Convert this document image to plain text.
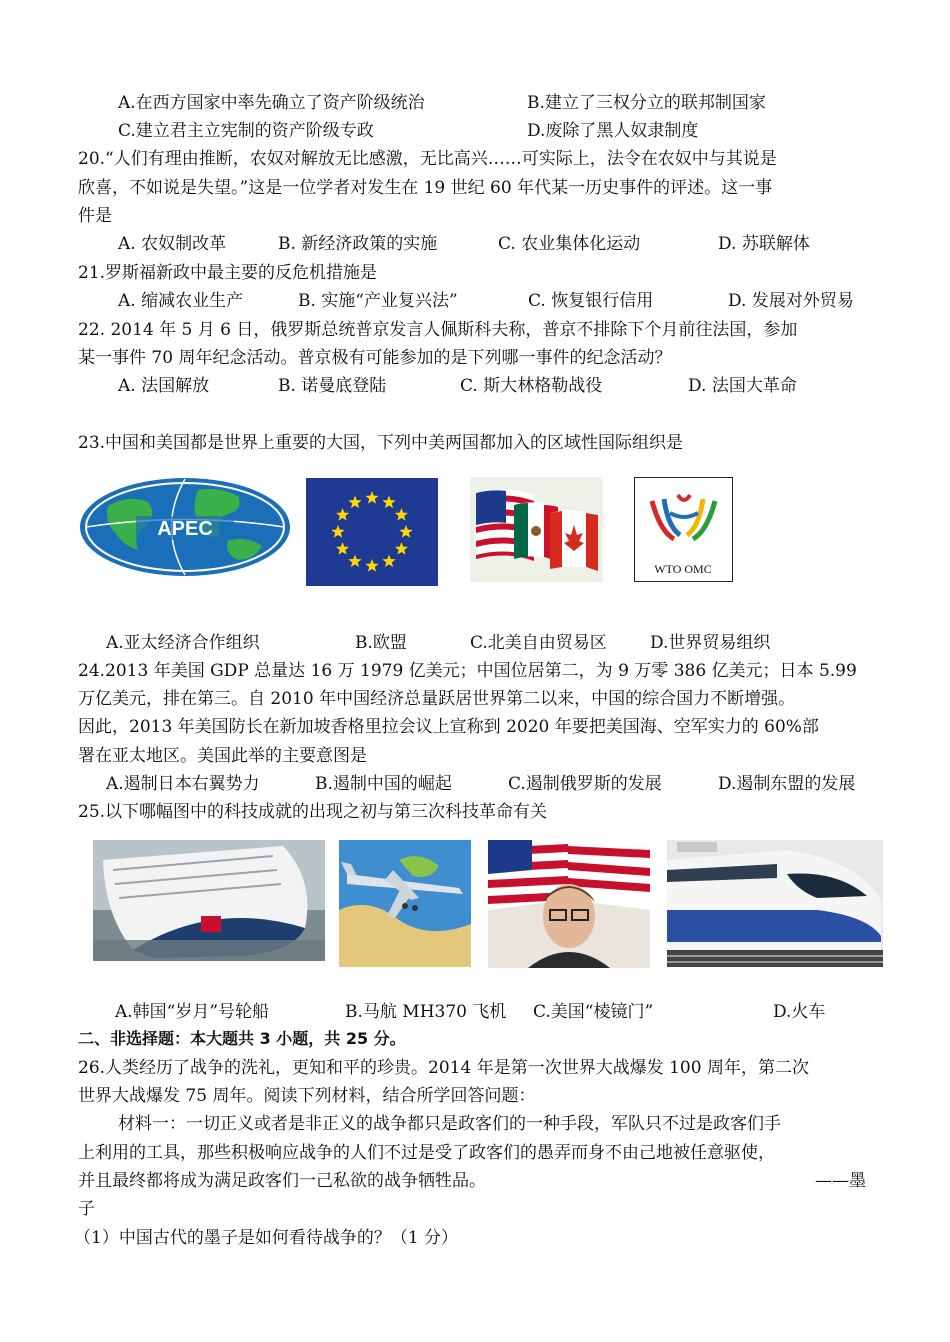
A.在西方国家中率先确立了资产阶级统治	B.建立了三权分立的联邦制国家
C.建立君主立宪制的资产阶级专政	D.废除了黑人奴隶制度
20.“人们有理由推断，农奴对解放无比感激，无比高兴……可实际上，法令在农奴中与其说是
欣喜，不如说是失望。”这是一位学者对发生在 19 世纪 60 年代某一历史事件的评述。这一事
件是
A. 农奴制改革	B. 新经济政策的实施	C. 农业集体化运动	D. 苏联解体
21.罗斯福新政中最主要的反危机措施是
A. 缩减农业生产	B. 实施“产业复兴法”	C. 恢复银行信用	D. 发展对外贸易
22. 2014 年 5 月 6 日，俄罗斯总统普京发言人佩斯科夫称，普京不排除下个月前往法国，参加
某一事件 70 周年纪念活动。普京极有可能参加的是下列哪一事件的纪念活动？
A. 法国解放	B. 诺曼底登陆	C. 斯大林格勒战役	D. 法国大革命
23.中国和美国都是世界上重要的大国，下列中美两国都加入的区域性国际组织是
APEC
WTO OMC
A.亚太经济合作组织	B.欧盟	C.北美自由贸易区	D.世界贸易组织
24.2013 年美国 GDP 总量达 16 万 1979 亿美元；中国位居第二，为 9 万零 386 亿美元；日本 5.99
万亿美元，排在第三。自 2010 年中国经济总量跃居世界第二以来，中国的综合国力不断增强。
因此，2013 年美国防长在新加坡香格里拉会议上宣称到 2020 年要把美国海、空军实力的 60%部
署在亚太地区。美国此举的主要意图是
A.遏制日本右翼势力	B.遏制中国的崛起	C.遏制俄罗斯的发展	D.遏制东盟的发展
25.以下哪幅图中的科技成就的出现之初与第三次科技革命有关
A.韩国“岁月”号轮船	B.马航 MH370 飞机 C.美国“棱镜门”	D.火车
二、非选择题：本大题共 3 小题，共 25 分。
26.人类经历了战争的洗礼，更知和平的珍贵。2014 年是第一次世界大战爆发 100 周年，第二次
世界大战爆发 75 周年。阅读下列材料，结合所学回答问题：
材料一：一切正义或者是非正义的战争都只是政客们的一种手段，军队只不过是政客们手
上利用的工具，那些积极响应战争的人们不过是受了政客们的愚弄而身不由己地被任意驱使，
并且最终都将成为满足政客们一己私欲的战争牺牲品。	——墨
子
（1）中国古代的墨子是如何看待战争的？（1 分）
